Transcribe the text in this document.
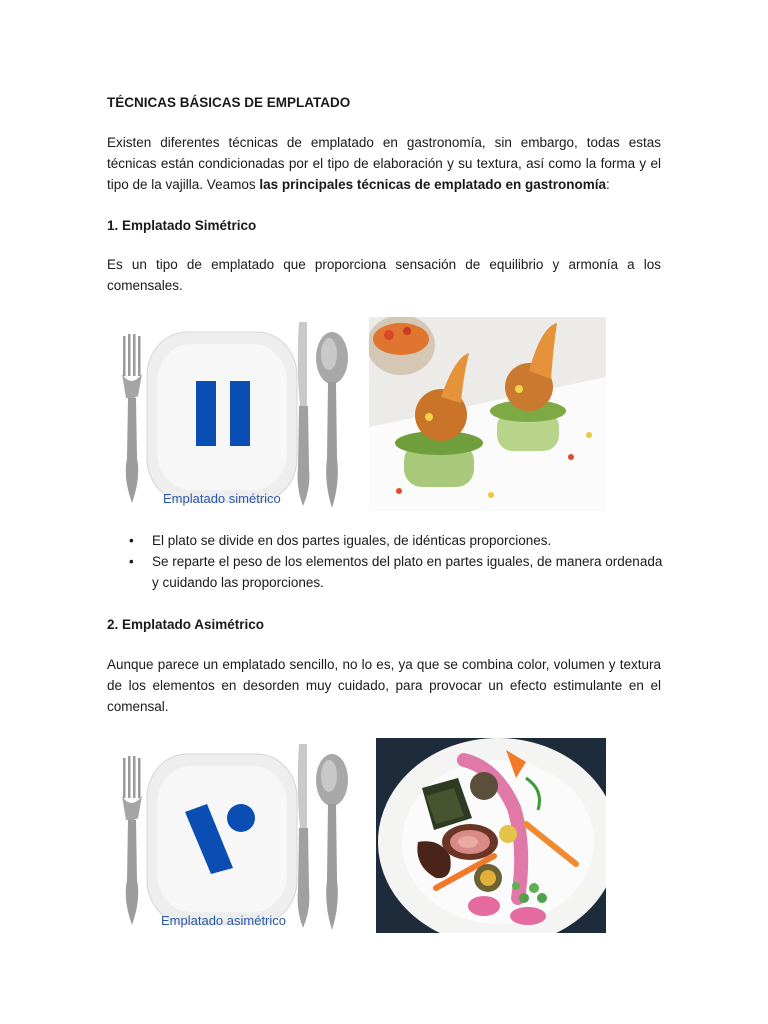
TÉCNICAS BÁSICAS DE EMPLATADO
Existen diferentes técnicas de emplatado en gastronomía, sin embargo, todas estas técnicas están condicionadas por el tipo de elaboración y su textura, así como la forma y el tipo de la vajilla. Veamos las principales técnicas de emplatado en gastronomía:
1. Emplatado Simétrico
Es un tipo de emplatado que proporciona sensación de equilibrio y armonía a los comensales.
Emplatado simétrico
• El plato se divide en dos partes iguales, de idénticas proporciones.
• Se reparte el peso de los elementos del plato en partes iguales, de manera ordenada y cuidando las proporciones.
2. Emplatado Asimétrico
Aunque parece un emplatado sencillo, no lo es, ya que se combina color, volumen y textura de los elementos en desorden muy cuidado, para provocar un efecto estimulante en el comensal.
Emplatado asimétrico
